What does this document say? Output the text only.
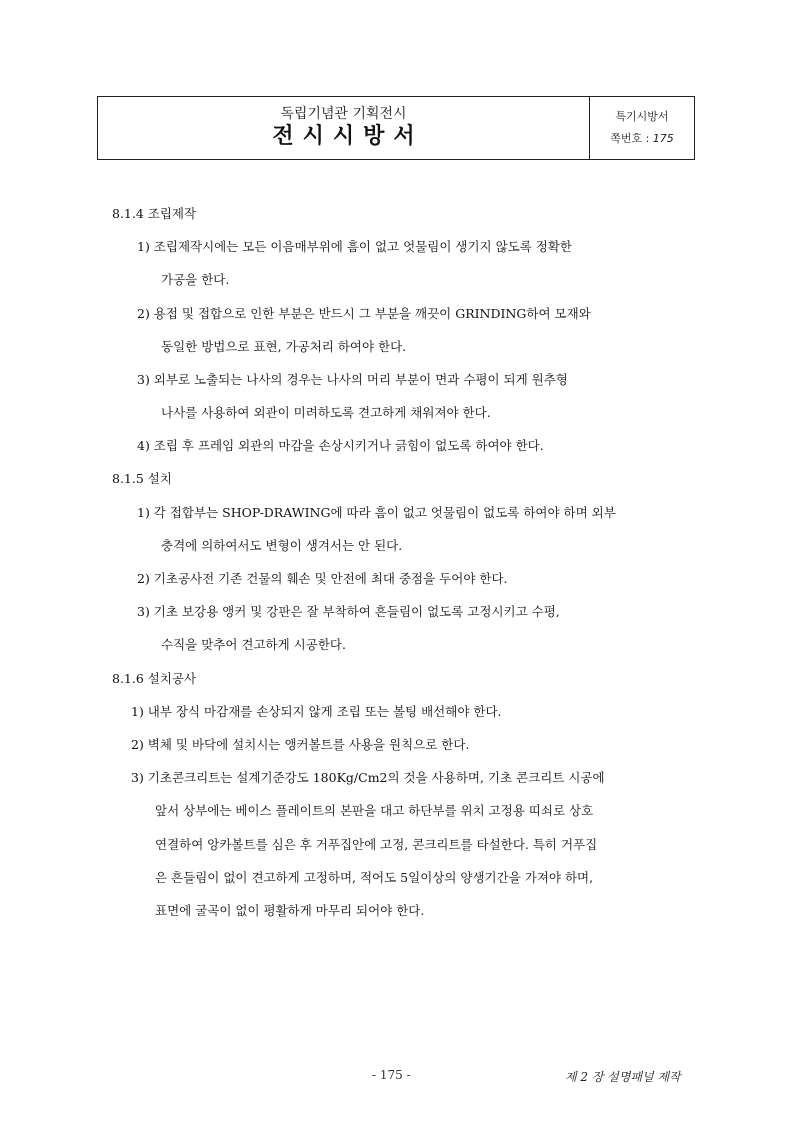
독립기념관 기획전시
전시시방서
특기시방서
쪽번호 : 175
8.1.4 조립제작
1) 조립제작시에는 모든 이음매부위에 흠이 없고 엇물림이 생기지 않도록 정확한
가공을 한다.
2) 용접 및 접합으로 인한 부분은 반드시 그 부분을 깨끗이 GRINDING하여 모재와
동일한 방법으로 표현, 가공처리 하여야 한다.
3) 외부로 노출되는 나사의 경우는 나사의 머리 부분이 면과 수평이 되게 원추형
나사를 사용하여 외관이 미려하도록 견고하게 채워져야 한다.
4) 조립 후 프레임 외관의 마감을 손상시키거나 긁힘이 없도록 하여야 한다.
8.1.5 설치
1) 각 접합부는 SHOP-DRAWING에 따라 흠이 없고 엇물림이 없도록 하여야 하며 외부
충격에 의하여서도 변형이 생겨서는 안 된다.
2) 기초공사전 기존 건물의 훼손 및 안전에 최대 중점을 두어야 한다.
3) 기초 보강용 앵커 및 강판은 잘 부착하여 흔들림이 없도록 고정시키고 수평,
수직을 맞추어 견고하게 시공한다.
8.1.6 설치공사
1) 내부 장식 마감재를 손상되지 않게 조립 또는 볼팅 배선해야 한다.
2) 벽체 및 바닥에 설치시는 앵커볼트를 사용을 원칙으로 한다.
3) 기초콘크리트는 설계기준강도 180Kg/Cm2의 것을 사용하며, 기초 콘크리트 시공에
앞서 상부에는 베이스 플레이트의 본판을 대고 하단부를 위치 고정용 띠쇠로 상호
연결하여 앙카볼트를 심은 후 거푸집안에 고정, 콘크리트를 타설한다. 특히 거푸집
은 흔들림이 없이 견고하게 고정하며, 적어도 5일이상의 양생기간을 가져야 하며,
표면에 굴곡이 없이 평활하게 마무리 되어야 한다.
- 175 -	제 2 장 설명패널 제작
